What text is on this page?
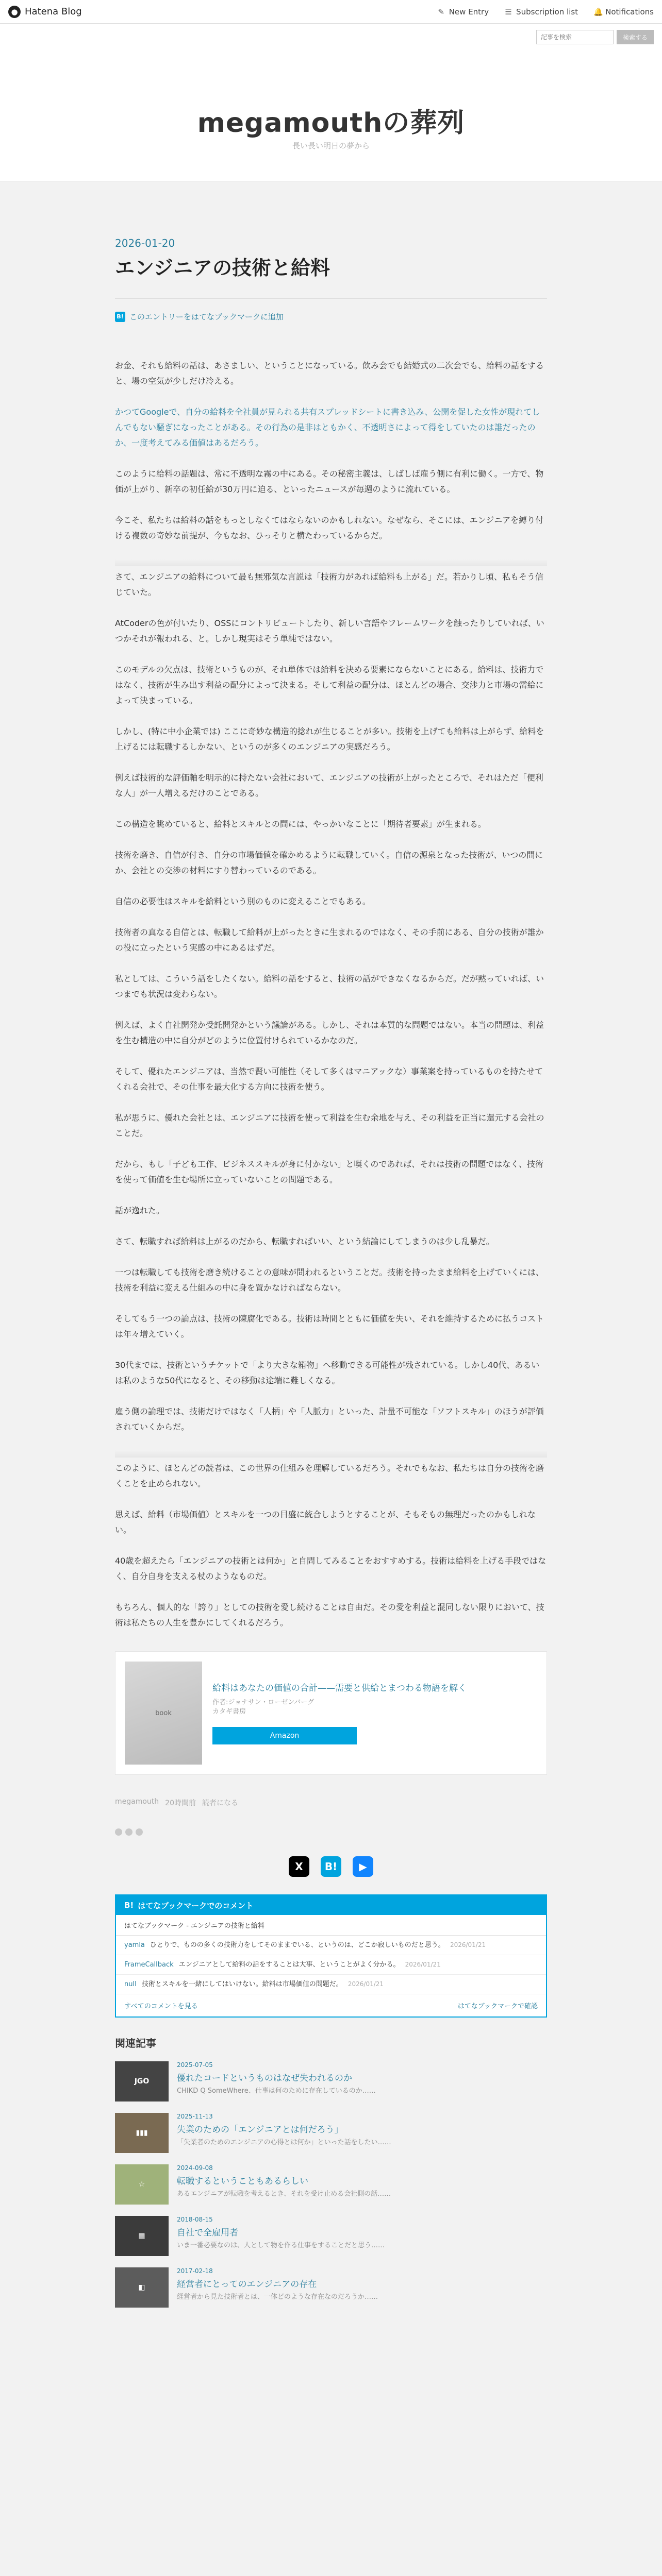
● Hatena Blog	✎ New Entry ☰ Subscription list 🔔 Notifications
記事を検索
検索する
megamouthの葬列
長い長い明日の夢から
2026-01-20
エンジニアの技術と給料
B! このエントリーをはてなブックマークに追加

お金、それも給料の話は、あさましい、ということになっている。飲み会でも結婚式の二次会でも、給料の話をすると、場の空気が少しだけ冷える。

かつてGoogleで、自分の給料を全社員が見られる共有スプレッドシートに書き込み、公開を促した女性が現れてしんでもない騒ぎになったことがある。その行為の是非はともかく、不透明さによって得をしていたのは誰だったのか、一度考えてみる価値はあるだろう。

このように給料の話題は、常に不透明な霧の中にある。その秘密主義は、しばしば雇う側に有利に働く。一方で、物価が上がり、新卒の初任給が30万円に迫る、といったニュースが毎週のように流れている。

今こそ、私たちは給料の話をもっとしなくてはならないのかもしれない。なぜなら、そこには、エンジニアを縛り付ける複数の奇妙な前提が、今もなお、ひっそりと横たわっているからだ。

さて、エンジニアの給料について最も無邪気な言説は「技術力があれば給料も上がる」だ。若かりし頃、私もそう信じていた。

AtCoderの色が付いたり、OSSにコントリビュートしたり、新しい言語やフレームワークを触ったりしていれば、いつかそれが報われる、と。しかし現実はそう単純ではない。

このモデルの欠点は、技術というものが、それ単体では給料を決める要素にならないことにある。給料は、技術力ではなく、技術が生み出す利益の配分によって決まる。そして利益の配分は、ほとんどの場合、交渉力と市場の需給によって決まっている。

しかし、(特に中小企業では) ここに奇妙な構造的捻れが生じることが多い。技術を上げても給料は上がらず、給料を上げるには転職するしかない、というのが多くのエンジニアの実感だろう。

例えば技術的な評価軸を明示的に持たない会社において、エンジニアの技術が上がったところで、それはただ「便利な人」が一人増えるだけのことである。

この構造を眺めていると、給料とスキルとの間には、やっかいなことに「期待者要素」が生まれる。

技術を磨き、自信が付き、自分の市場価値を確かめるように転職していく。自信の源泉となった技術が、いつの間にか、会社との交渉の材料にすり替わっているのである。

自信の必要性はスキルを給料という別のものに変えることでもある。

技術者の真なる自信とは、転職して給料が上がったときに生まれるのではなく、その手前にある、自分の技術が誰かの役に立ったという実感の中にあるはずだ。

私としては、こういう話をしたくない。給料の話をすると、技術の話ができなくなるからだ。だが黙っていれば、いつまでも状況は変わらない。

例えば、よく自社開発か受託開発かという議論がある。しかし、それは本質的な問題ではない。本当の問題は、利益を生む構造の中に自分がどのように位置付けられているかなのだ。

そして、優れたエンジニアは、当然で賢い可能性（そして多くはマニアックな）事業案を持っているものを持たせてくれる会社で、その仕事を最大化する方向に技術を使う。

私が思うに、優れた会社とは、エンジニアに技術を使って利益を生む余地を与え、その利益を正当に還元する会社のことだ。

だから、もし「子ども工作、ビジネススキルが身に付かない」と嘆くのであれば、それは技術の問題ではなく、技術を使って価値を生む場所に立っていないことの問題である。

話が逸れた。

さて、転職すれば給料は上がるのだから、転職すればいい、という結論にしてしまうのは少し乱暴だ。

一つは転職しても技術を磨き続けることの意味が問われるということだ。技術を持ったまま給料を上げていくには、技術を利益に変える仕組みの中に身を置かなければならない。

そしてもう一つの論点は、技術の陳腐化である。技術は時間とともに価値を失い、それを維持するために払うコストは年々増えていく。

30代までは、技術というチケットで「より大きな箱物」へ移動できる可能性が残されている。しかし40代、あるいは私のような50代になると、その移動は途端に難しくなる。

雇う側の論理では、技術だけではなく「人柄」や「人脈力」といった、計量不可能な「ソフトスキル」のほうが評価されていくからだ。

このように、ほとんどの読者は、この世界の仕組みを理解しているだろう。それでもなお、私たちは自分の技術を磨くことを止められない。

思えば、給料（市場価値）とスキルを一つの目盛に統合しようとすることが、そもそもの無理だったのかもしれない。

40歳を超えたら「エンジニアの技術とは何か」と自問してみることをおすすめする。技術は給料を上げる手段ではなく、自分自身を支える杖のようなものだ。

もちろん、個人的な「誇り」としての技術を愛し続けることは自由だ。その愛を利益と混同しない限りにおいて、技術は私たちの人生を豊かにしてくれるだろう。

book
給料はあなたの価値の合計——需要と供給とまつわる物語を解く
作者:ジョナサン・ローゼンバーグ
カタギ書房
Amazon
megamouth 20時間前 読者になる
X	B!	▶
B! はてなブックマークでのコメント
はてなブックマーク - エンジニアの技術と給料
yamla ひとりで、ものの多くの技術力をしてそのままでいる、というのは、どこか寂しいものだと思う。 2026/01/21
FrameCallback エンジニアとして給料の話をすることは大事、ということがよく分かる。 2026/01/21
null 技術とスキルを一緒にしてはいけない。給料は市場価値の問題だ。 2026/01/21
すべてのコメントを見る	はてなブックマークで確認
関連記事
JGO
2025-07-05
優れたコードというものはなぜ失われるのか
CHIKD Q SomeWhere、仕事は何のために存在しているのか……
▮▮▮
2025-11-13
失業のための「エンジニアとは何だろう」
「失業者のためのエンジニアの心得とは何か」といった話をしたい……
☆
2024-09-08
転職するということもあるらしい
あるエンジニアが転職を考えるとき、それを受け止める会社側の話……
▦
2018-08-15
自社で全雇用者
いま一番必要なのは、人として物を作る仕事をすることだと思う……
◧
2017-02-18
経営者にとってのエンジニアの存在
経営者から見た技術者とは、一体どのような存在なのだろうか……
